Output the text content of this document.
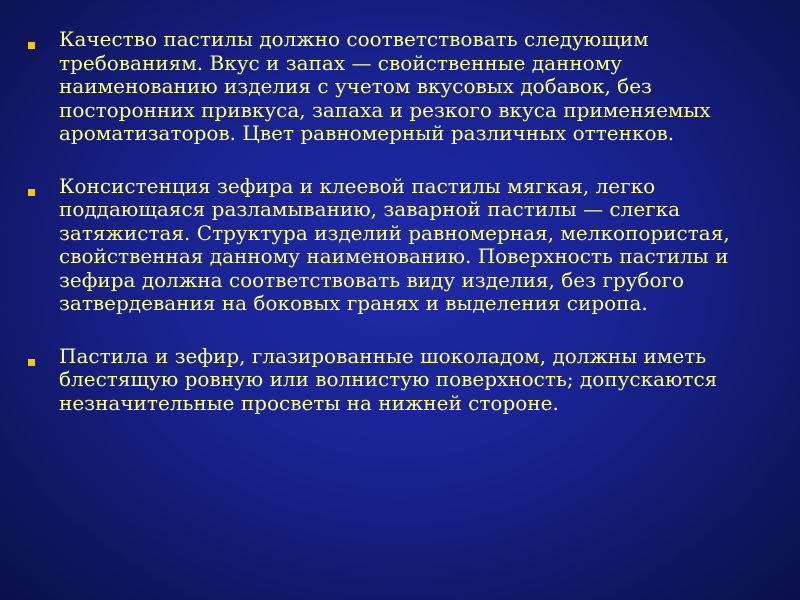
Качество пастилы должно соответствовать следующим требованиям. Вкус и запах — свойственные данному наименованию изделия с учетом вкусовых добавок, без посторонних привкуса, запаха и резкого вкуса применяемых ароматизаторов. Цвет равномерный различных оттенков.
Консистенция зефира и клеевой пастилы мягкая, легко поддающаяся разламыванию, заварной пастилы — слегка затяжистая. Структура изделий равномерная, мелкопористая, свойственная данному наименованию. Поверхность пастилы и зефира должна соответствовать виду изделия, без грубого затвердевания на боковых гранях и выделения сиропа.
Пастила и зефир, глазированные шоколадом, должны иметь блестящую ровную или волнистую поверхность; допускаются незначительные просветы на нижней стороне.
